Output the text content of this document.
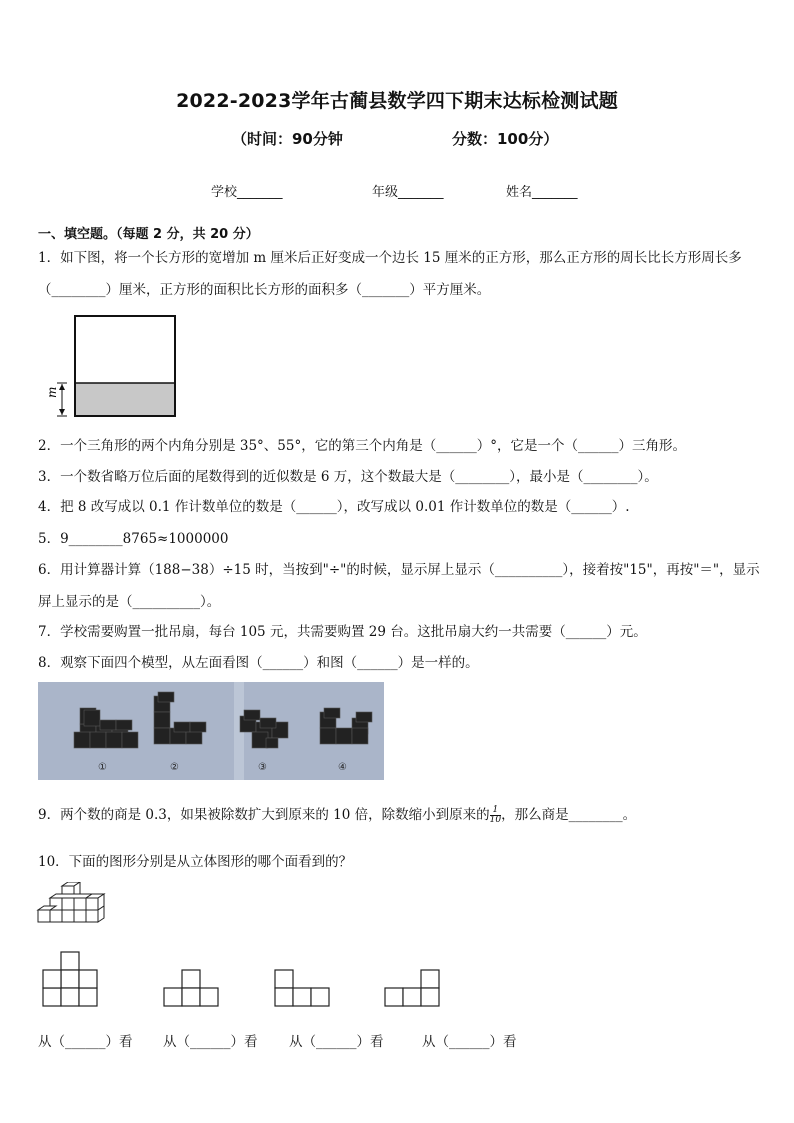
2022-2023学年古蔺县数学四下期末达标检测试题
（时间：90分钟	分数：100分）
学校_______	年级_______	姓名_______
一、填空题。（每题 2 分，共 20 分）
1．如下图，将一个长方形的宽增加 m 厘米后正好变成一个边长 15 厘米的正方形，那么正方形的周长比长方形周长多
（________）厘米，正方形的面积比长方形的面积多（_______）平方厘米。
m
2．一个三角形的两个内角分别是 35°、55°，它的第三个内角是（______）°，它是一个（______）三角形。
3．一个数省略万位后面的尾数得到的近似数是 6 万，这个数最大是（________），最小是（________）。
4．把 8 改写成以 0.1 作计数单位的数是（______），改写成以 0.01 作计数单位的数是（______）.
5．9________8765≈1000000
6．用计算器计算（188−38）÷15 时，当按到"÷"的时候，显示屏上显示（__________），接着按"15"，再按"＝"，显示
屏上显示的是（__________）。
7．学校需要购置一批吊扇，每台 105 元，共需要购置 29 台。这批吊扇大约一共需要（______）元。
8．观察下面四个模型，从左面看图（______）和图（______）是一样的。
①	②	③	④
9．两个数的商是 0.3，如果被除数扩大到原来的 10 倍，除数缩小到原来的 $\frac{1}{10}$ ，那么商是________。
10．下面的图形分别是从立体图形的哪个面看到的？
从（______）看 从（______）看 从（______）看	从（______）看
